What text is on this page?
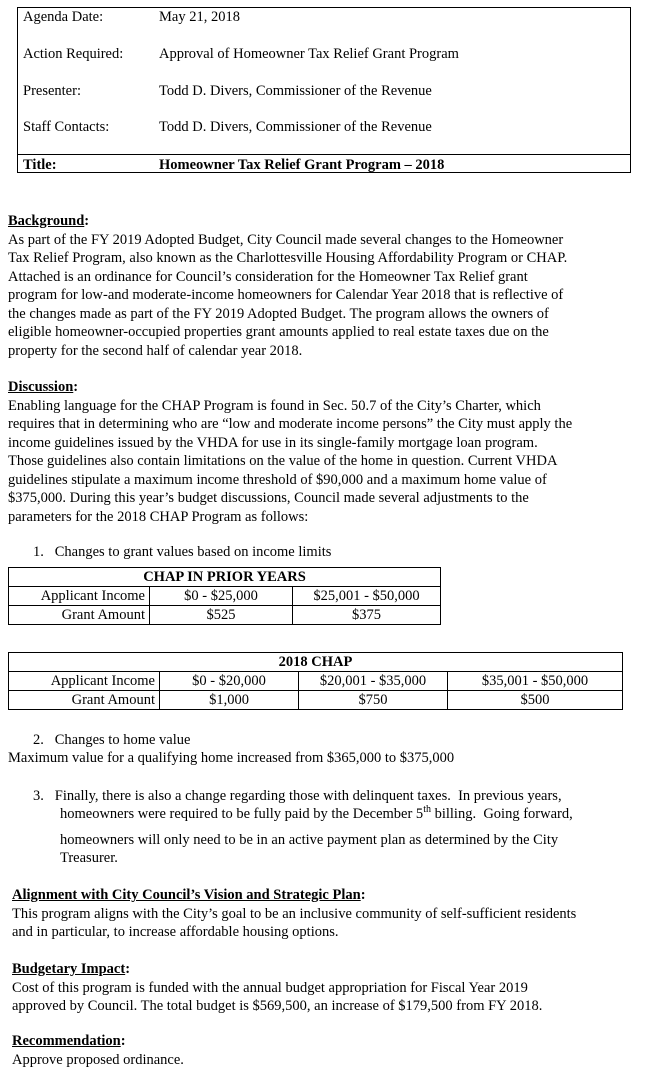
Agenda Date:	May 21, 2018
Action Required: Approval of Homeowner Tax Relief Grant Program
Presenter:	Todd D. Divers, Commissioner of the Revenue
Staff Contacts:	Todd D. Divers, Commissioner of the Revenue
Title:	Homeowner Tax Relief Grant Program – 2018
Background:
As part of the FY 2019 Adopted Budget, City Council made several changes to the Homeowner
Tax Relief Program, also known as the Charlottesville Housing Affordability Program or CHAP.
Attached is an ordinance for Council’s consideration for the Homeowner Tax Relief grant
program for low-and moderate-income homeowners for Calendar Year 2018 that is reflective of
the changes made as part of the FY 2019 Adopted Budget. The program allows the owners of
eligible homeowner-occupied properties grant amounts applied to real estate taxes due on the
property for the second half of calendar year 2018.
Discussion:
Enabling language for the CHAP Program is found in Sec. 50.7 of the City’s Charter, which
requires that in determining who are “low and moderate income persons” the City must apply the
income guidelines issued by the VHDA for use in its single-family mortgage loan program.
Those guidelines also contain limitations on the value of the home in question. Current VHDA
guidelines stipulate a maximum income threshold of $90,000 and a maximum home value of
$375,000. During this year’s budget discussions, Council made several adjustments to the
parameters for the 2018 CHAP Program as follows:
1.   Changes to grant values based on income limits
CHAP IN PRIOR YEARS		
Applicant Income	$0 - $25,000	$25,001 - $50,000
Grant Amount	$525	$375
2018 CHAP			
Applicant Income	$0 - $20,000	$20,001 - $35,000	$35,001 - $50,000
Grant Amount	$1,000	$750	$500
2.   Changes to home value
Maximum value for a qualifying home increased from $365,000 to $375,000
3.   Finally, there is also a change regarding those with delinquent taxes.  In previous years,
homeowners were required to be fully paid by the December 5th billing.  Going forward,
homeowners will only need to be in an active payment plan as determined by the City
Treasurer.
Alignment with City Council’s Vision and Strategic Plan:
This program aligns with the City’s goal to be an inclusive community of self-sufficient residents
and in particular, to increase affordable housing options.
Budgetary Impact:
Cost of this program is funded with the annual budget appropriation for Fiscal Year 2019
approved by Council. The total budget is $569,500, an increase of $179,500 from FY 2018.
Recommendation:
Approve proposed ordinance.
